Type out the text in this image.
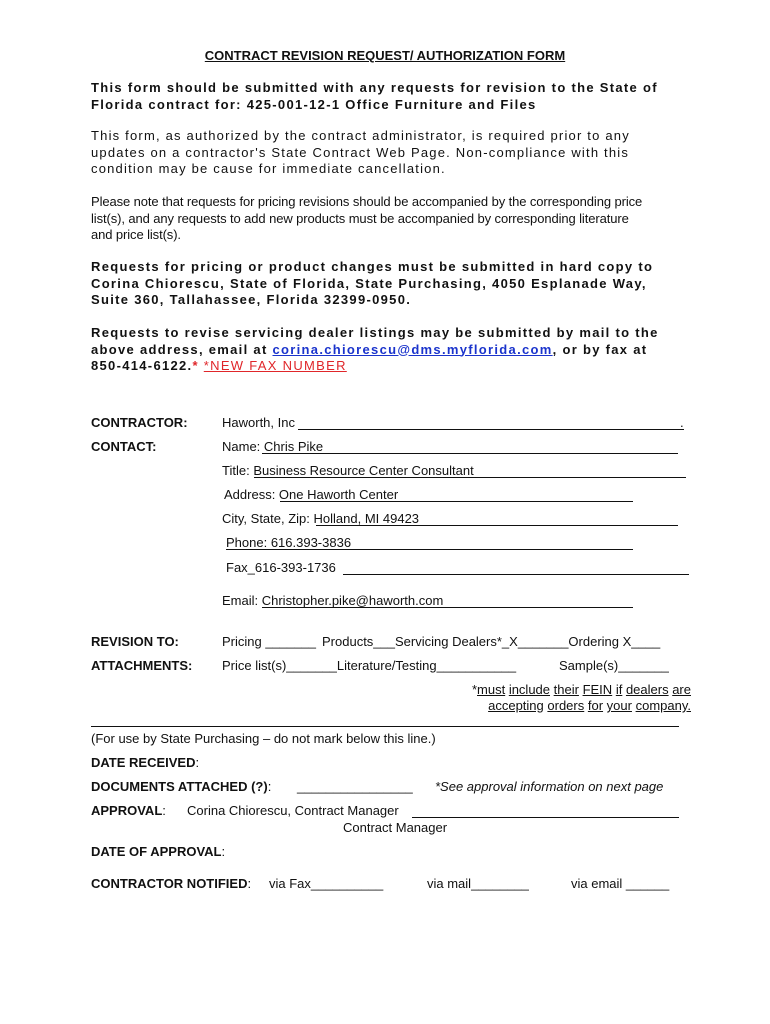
CONTRACT REVISION REQUEST/ AUTHORIZATION FORM
This form should be submitted with any requests for revision to the State of
Florida contract for: 425-001-12-1 Office Furniture and Files
This form, as authorized by the contract administrator, is required prior to any
updates on a contractor's State Contract Web Page. Non-compliance with this
condition may be cause for immediate cancellation.
Please note that requests for pricing revisions should be accompanied by the corresponding price
list(s), and any requests to add new products must be accompanied by corresponding literature
and price list(s).
Requests for pricing or product changes must be submitted in hard copy to
Corina Chiorescu, State of Florida, State Purchasing, 4050 Esplanade Way,
Suite 360, Tallahassee, Florida 32399-0950.
Requests to revise servicing dealer listings may be submitted by mail to the
above address, email at corina.chiorescu@dms.myflorida.com, or by fax at
850-414-6122.* *NEW FAX NUMBER
CONTRACTOR:	Haworth, Inc	.
CONTACT:	Name: Chris Pike
Title: Business Resource Center Consultant
Address: One Haworth Center
City, State, Zip: Holland, MI 49423
Phone: 616.393-3836
Fax_616-393-1736
Email: Christopher.pike@haworth.com
REVISION TO:	Pricing _______ Products___Servicing Dealers*_X_______Ordering X____
ATTACHMENTS: Price list(s)_______Literature/Testing___________	Sample(s)_______
*must include their FEIN if dealers are
accepting orders for your company.
(For use by State Purchasing – do not mark below this line.)
DATE RECEIVED:
DOCUMENTS ATTACHED (?): ________________ *See approval information on next page
APPROVAL: Corina Chiorescu, Contract Manager
Contract Manager
DATE OF APPROVAL:
CONTRACTOR NOTIFIED: via Fax__________	via mail________	via email ______
